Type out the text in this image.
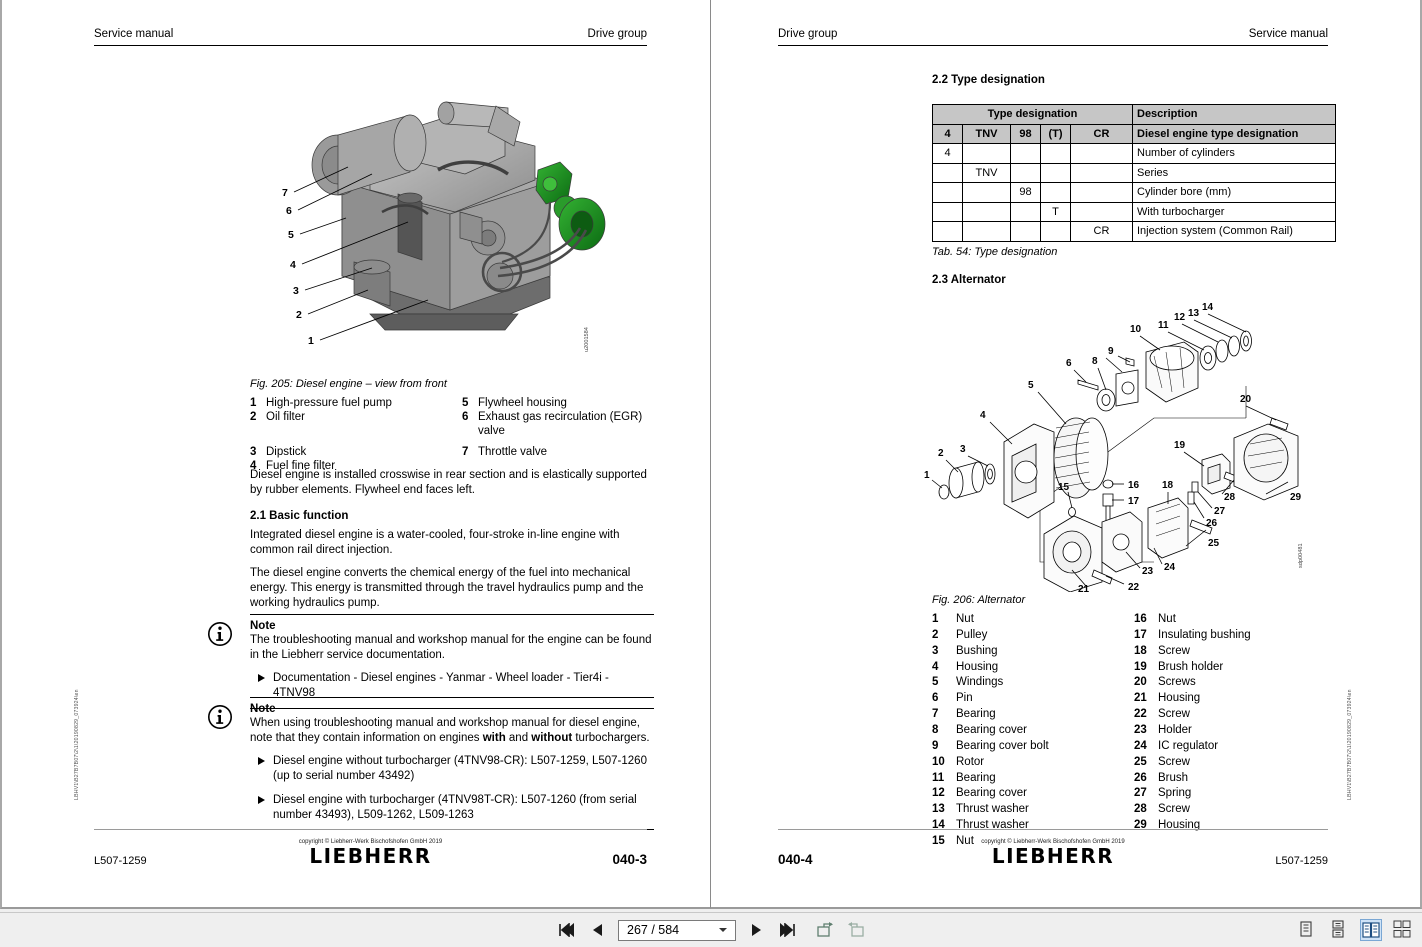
Service manual	Drive group
LBHV1\B27B7B07\2\1\20190829_073924\en
7
6
5
4
3
2
1	u2001584
Fig. 205: Diesel engine – view from front
1 High-pressure fuel pump	5 Flywheel housing
2 Oil filter	6 Exhaust gas recirculation (EGR) valve
3 Dipstick	7 Throttle valve
4 Fuel fine filter

Diesel engine is installed crosswise in rear section and is elastically supported by rubber elements. Flywheel end faces left.

2.1 Basic function

Integrated diesel engine is a water-cooled, four-stroke in-line engine with common rail direct injection.

The diesel engine converts the chemical energy of the fuel into mechanical energy. This energy is transmitted through the travel hydraulics pump and the working hydraulics pump.

Note
The troubleshooting manual and workshop manual for the engine can be found in the Liebherr service documentation.
Documentation - Diesel engines - Yanmar - Wheel loader - Tier4i - 4TNV98
Note
When using troubleshooting manual and workshop manual for diesel engine, note that they contain information on engines with and without turbochargers.
Diesel engine without turbocharger (4TNV98-CR): L507-1259, L507-1260 (up to serial number 43492)
Diesel engine with turbocharger (4TNV98T-CR): L507-1260 (from serial number 43493), L509-1262, L509-1263
L507-1259
copyright © Liebherr-Werk Bischofshofen GmbH 2019
LIEBHERR	040-3
Drive group	Service manual
LBHV1\B27B7B07\2\1\20190829_073924\en
2.2 Type designation
Type designation					Description
4	TNV	98	(T)	CR	Diesel engine type designation
4					Number of cylinders
	TNV				Series
		98			Cylinder bore (mm)
			T		With turbocharger
				CR	Injection system (Common Rail)
Tab. 54: Type designation
2.3 Alternator
1
2 3
4
5
6 8
9
10 11
12 13
14
15	16
17
18
19
20
21	22
23 24
25
26
27
28	29
sdp00481
Fig. 206: Alternator
1	Nut	16 Nut
2	Pulley	17 Insulating bushing
3	Bushing	18 Screw
4	Housing	19 Brush holder
5	Windings	20 Screws
6	Pin	21 Housing
7	Bearing	22 Screw
8	Bearing cover	23 Holder
9	Bearing cover bolt	24 IC regulator
10 Rotor	25 Screw
11	Bearing	26 Brush
12 Bearing cover	27 Spring
13 Thrust washer	28 Screw
14 Thrust washer	29 Housing
15 Nut
L507-1259
copyright © Liebherr-Werk Bischofshofen GmbH 2019
LIEBHERR
040-4
267 / 584
